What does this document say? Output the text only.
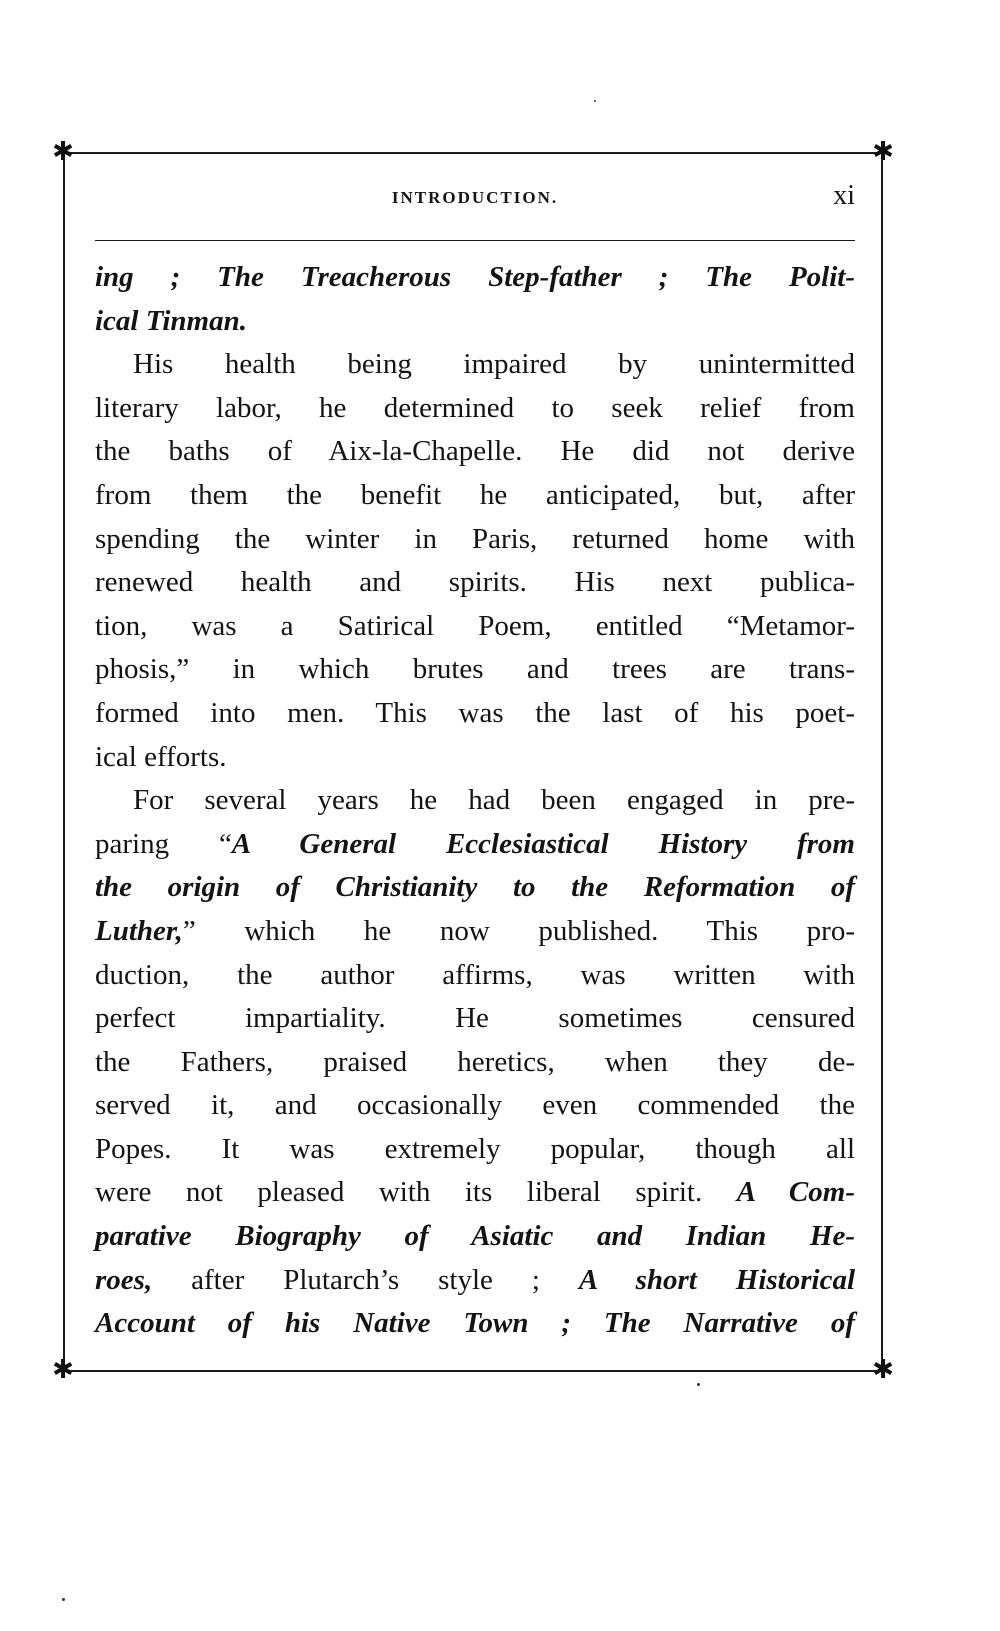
✱	✱
✱	✱
INTRODUCTION.	xi
ing ; The Treacherous Step-father ; The Polit-
ical Tinman.
His health being impaired by unintermitted
literary labor, he determined to seek relief from
the baths of Aix-la-Chapelle. He did not derive
from them the benefit he anticipated, but, after
spending the winter in Paris, returned home with
renewed health and spirits. His next publica-
tion, was a Satirical Poem, entitled “Metamor-
phosis,” in which brutes and trees are trans-
formed into men. This was the last of his poet-
ical efforts.
For several years he had been engaged in pre-
paring “A General Ecclesiastical History from
the origin of Christianity to the Reformation of
Luther,” which he now published. This pro-
duction, the author affirms, was written with
perfect impartiality. He sometimes censured
the Fathers, praised heretics, when they de-
served it, and occasionally even commended the
Popes. It was extremely popular, though all
were not pleased with its liberal spirit. A Com-
parative Biography of Asiatic and Indian He-
roes, after Plutarch’s style ; A short Historical
Account of his Native Town ; The Narrative of
